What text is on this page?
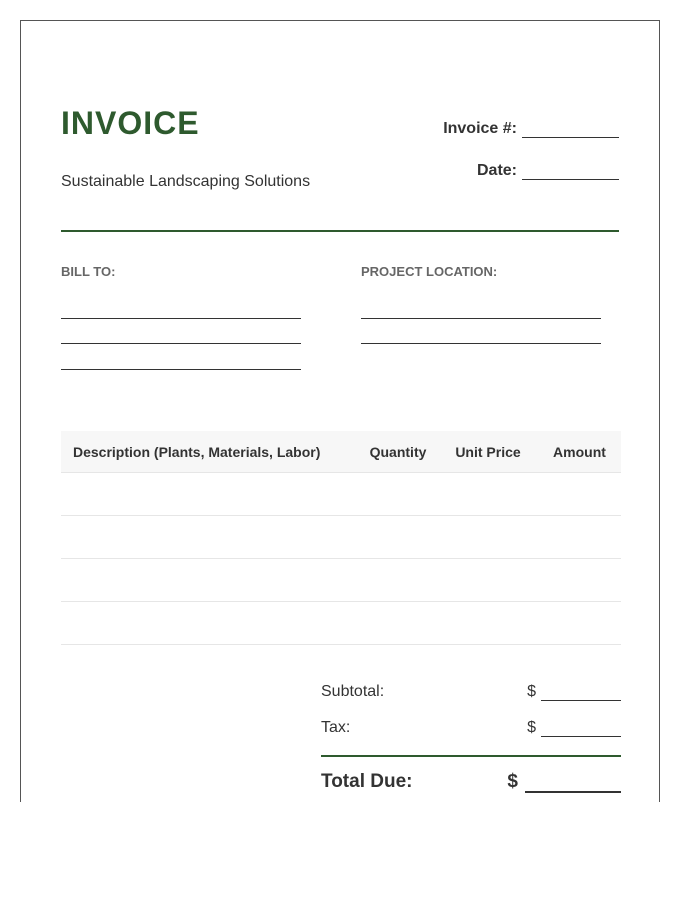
INVOICE
Sustainable Landscaping Solutions
Invoice #:
Date:
BILL TO:	PROJECT LOCATION:
Description (Plants, Materials, Labor)	Quantity	Unit Price	Amount

Subtotal:	$
Tax:	$
Total Due:	$
